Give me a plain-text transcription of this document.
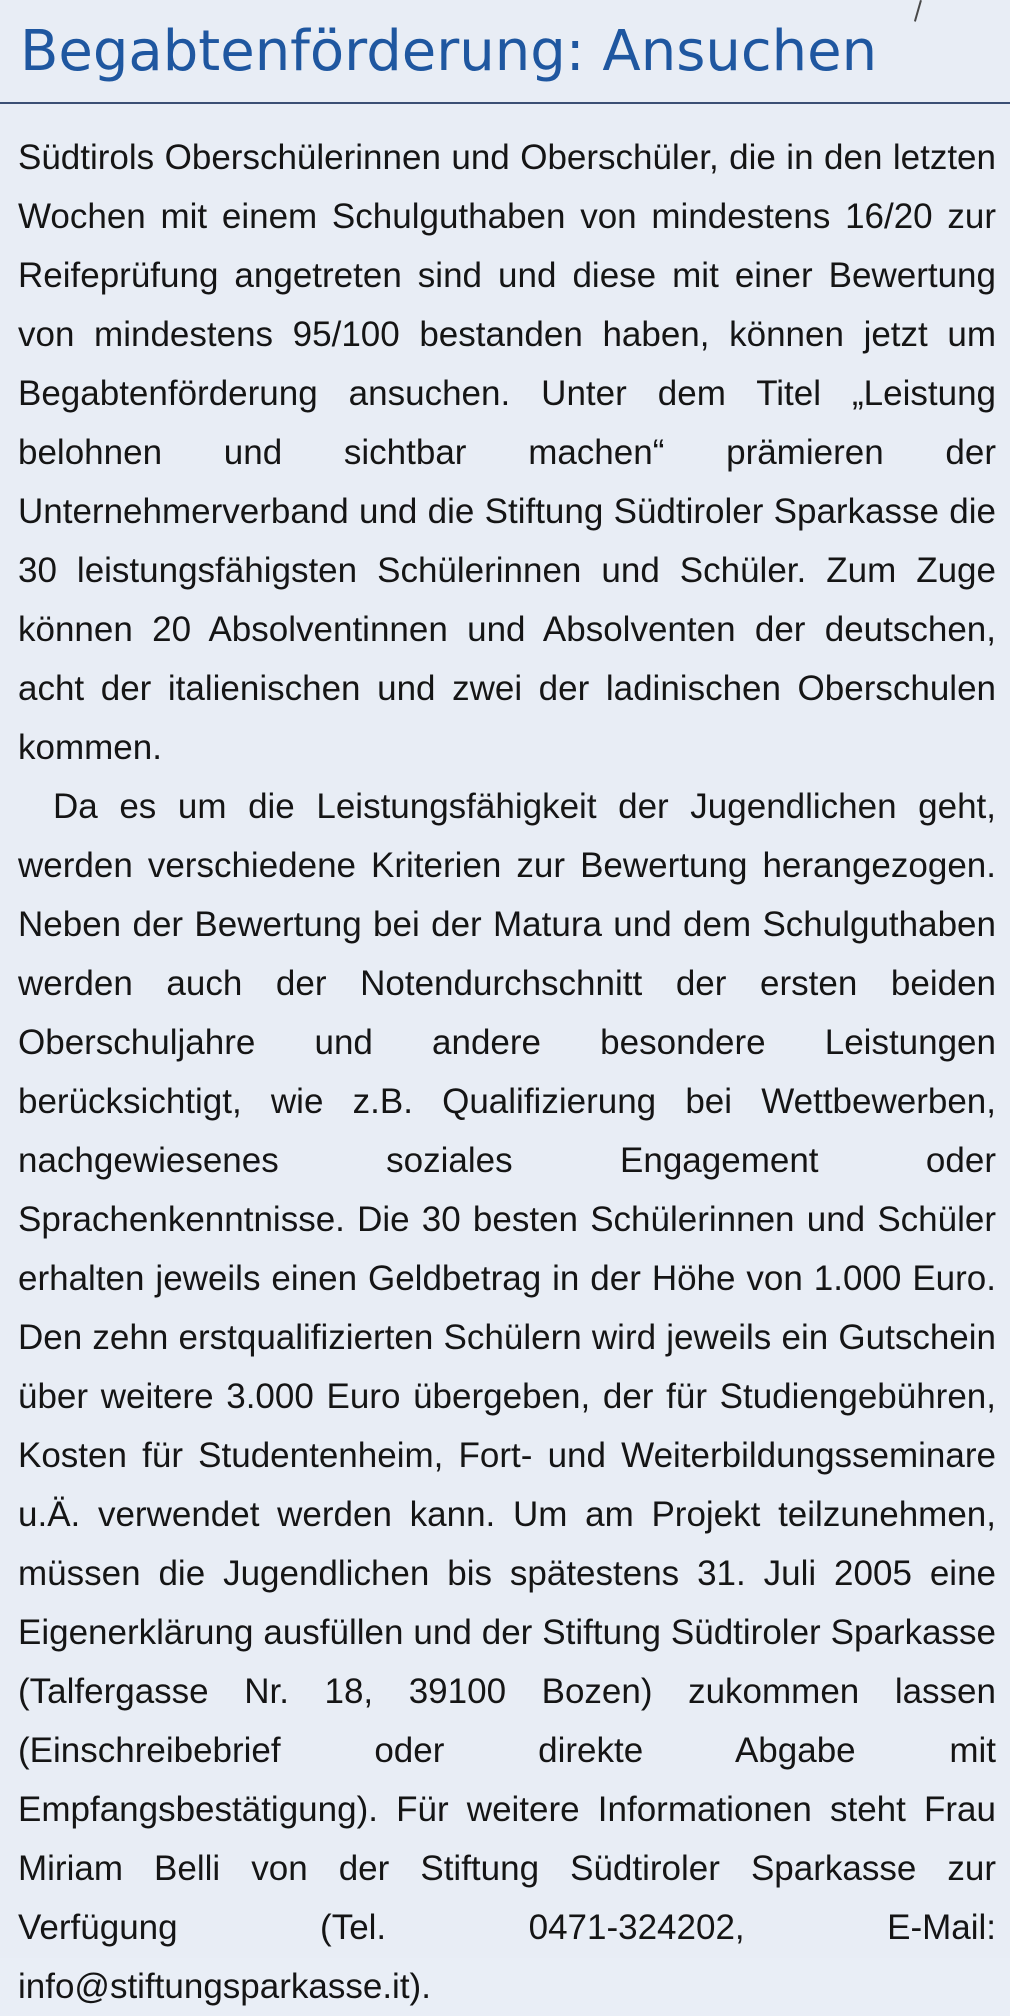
Begabtenförderung: Ansuchen

Südtirols Oberschülerinnen und Oberschüler, die in den letzten Wochen mit einem Schulguthaben von mindestens 16/20 zur Reifeprüfung angetreten sind und diese mit einer Bewertung von mindestens 95/100 bestanden haben, können jetzt um Begabtenförderung ansuchen. Unter dem Titel „Leistung belohnen und sichtbar machen“ prämieren der Unternehmerverband und die Stiftung Südtiroler Sparkasse die 30 leistungsfähigsten Schülerinnen und Schüler. Zum Zuge können 20 Absolventinnen und Absolventen der deutschen, acht der italienischen und zwei der ladinischen Oberschulen kommen.

Da es um die Leistungsfähigkeit der Jugendlichen geht, werden verschiedene Kriterien zur Bewertung herangezogen. Neben der Bewertung bei der Matura und dem Schulguthaben werden auch der Notendurchschnitt der ersten beiden Oberschuljahre und andere besondere Leistungen berücksichtigt, wie z.B. Qualifizierung bei Wettbewerben, nachgewiesenes soziales Engagement oder Sprachenkenntnisse. Die 30 besten Schülerinnen und Schüler erhalten jeweils einen Geldbetrag in der Höhe von 1.000 Euro. Den zehn erstqualifizierten Schülern wird jeweils ein Gutschein über weitere 3.000 Euro übergeben, der für Studiengebühren, Kosten für Studentenheim, Fort- und Weiterbildungsseminare u.Ä. verwendet werden kann. Um am Projekt teilzunehmen, müssen die Jugendlichen bis spätestens 31. Juli 2005 eine Eigenerklärung ausfüllen und der Stiftung Südtiroler Sparkasse (Talfergasse Nr. 18, 39100 Bozen) zukommen lassen (Einschreibebrief oder direkte Abgabe mit Empfangsbestätigung). Für weitere Informationen steht Frau Miriam Belli von der Stiftung Südtiroler Sparkasse zur Verfügung (Tel. 0471-324202, E-Mail: info@stiftungsparkasse.it).
